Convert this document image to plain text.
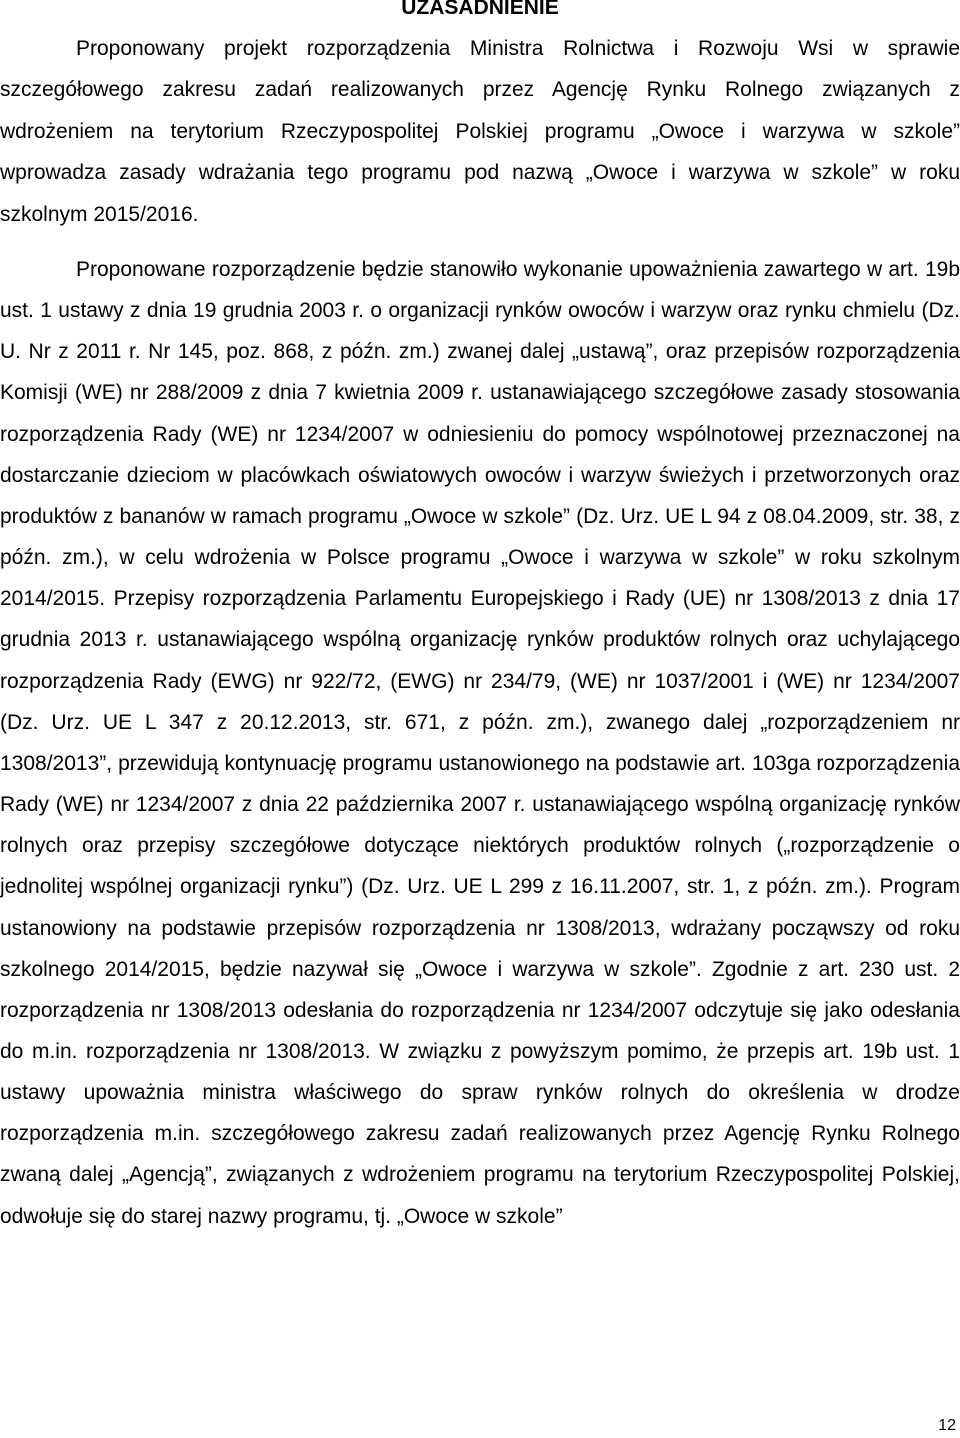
UZASADNIENIE

Proponowany projekt rozporządzenia Ministra Rolnictwa i Rozwoju Wsi w sprawie szczegółowego zakresu zadań realizowanych przez Agencję Rynku Rolnego związanych z wdrożeniem na terytorium Rzeczypospolitej Polskiej programu „Owoce i warzywa w szkole” wprowadza zasady wdrażania tego programu pod nazwą „Owoce i warzywa w szkole” w roku szkolnym 2015/2016.

Proponowane rozporządzenie będzie stanowiło wykonanie upoważnienia zawartego w art. 19b ust. 1 ustawy z dnia 19 grudnia 2003 r. o organizacji rynków owoców i warzyw oraz rynku chmielu (Dz. U. Nr z 2011 r. Nr 145, poz. 868, z późn. zm.) zwanej dalej „ustawą”, oraz przepisów rozporządzenia Komisji (WE) nr 288/2009 z dnia 7 kwietnia 2009 r. ustanawiającego szczegółowe zasady stosowania rozporządzenia Rady (WE) nr 1234/2007 w odniesieniu do pomocy wspólnotowej przeznaczonej na dostarczanie dzieciom w placówkach oświatowych owoców i warzyw świeżych i przetworzonych oraz produktów z bananów w ramach programu „Owoce w szkole” (Dz. Urz. UE L 94 z 08.04.2009, str. 38, z późn. zm.), w celu wdrożenia w Polsce programu „Owoce i warzywa w szkole” w roku szkolnym 2014/2015. Przepisy rozporządzenia Parlamentu Europejskiego i Rady (UE) nr 1308/2013 z dnia 17 grudnia 2013 r. ustanawiającego wspólną organizację rynków produktów rolnych oraz uchylającego rozporządzenia Rady (EWG) nr 922/72, (EWG) nr 234/79, (WE) nr 1037/2001 i (WE) nr 1234/2007 (Dz. Urz. UE L 347 z 20.12.2013, str. 671, z późn. zm.), zwanego dalej „rozporządzeniem nr 1308/2013”, przewidują kontynuację programu ustanowionego na podstawie art. 103ga rozporządzenia Rady (WE) nr 1234/2007 z dnia 22 października 2007 r. ustanawiającego wspólną organizację rynków rolnych oraz przepisy szczegółowe dotyczące niektórych produktów rolnych („rozporządzenie o jednolitej wspólnej organizacji rynku”) (Dz. Urz. UE L 299 z 16.11.2007, str. 1, z późn. zm.). Program ustanowiony na podstawie przepisów rozporządzenia nr 1308/2013, wdrażany począwszy od roku szkolnego 2014/2015, będzie nazywał się „Owoce i warzywa w szkole”. Zgodnie z art. 230 ust. 2 rozporządzenia nr 1308/2013 odesłania do rozporządzenia nr 1234/2007 odczytuje się jako odesłania do m.in. rozporządzenia nr 1308/2013. W związku z powyższym pomimo, że przepis art. 19b ust. 1 ustawy upoważnia ministra właściwego do spraw rynków rolnych do określenia w drodze rozporządzenia m.in. szczegółowego zakresu zadań realizowanych przez Agencję Rynku Rolnego zwaną dalej „Agencją”, związanych z wdrożeniem programu na terytorium Rzeczypospolitej Polskiej, odwołuje się do starej nazwy programu, tj. „Owoce w szkole”

12
